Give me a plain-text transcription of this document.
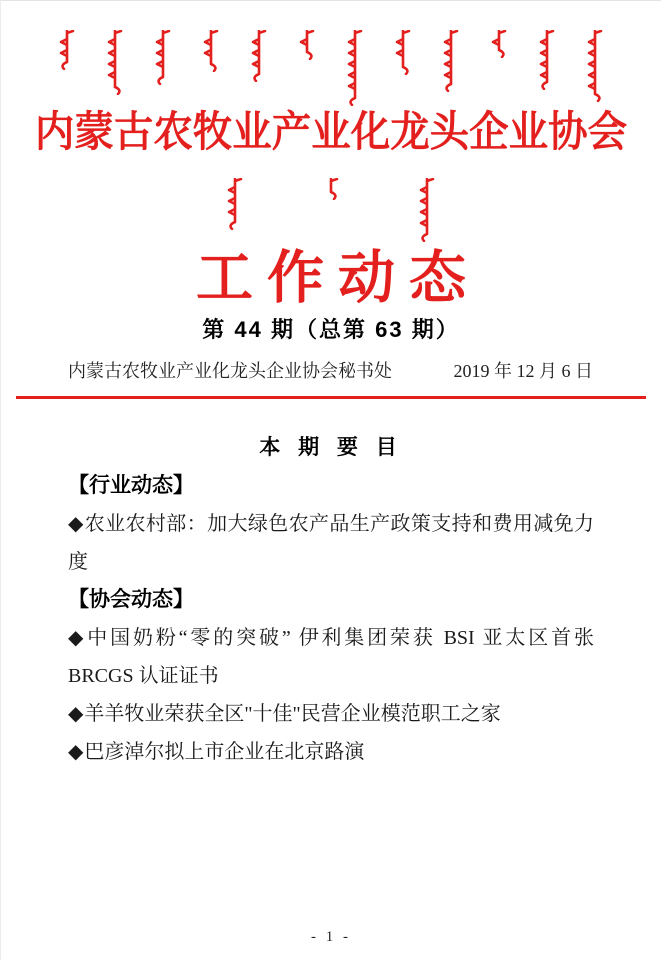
内蒙古农牧业产业化龙头企业协会
工作动态
第 44 期（总第 63 期）
内蒙古农牧业产业化龙头企业协会秘书处	2019 年 12 月 6 日
本 期 要 目
【行业动态】
◆农业农村部：加大绿色农产品生产政策支持和费用减免力度
【协会动态】
◆中国奶粉“零的突破” 伊利集团荣获 BSI 亚太区首张 BRCGS 认证证书
◆羊羊牧业荣获全区"十佳"民营企业模范职工之家
◆巴彦淖尔拟上市企业在北京路演
- 1 -
